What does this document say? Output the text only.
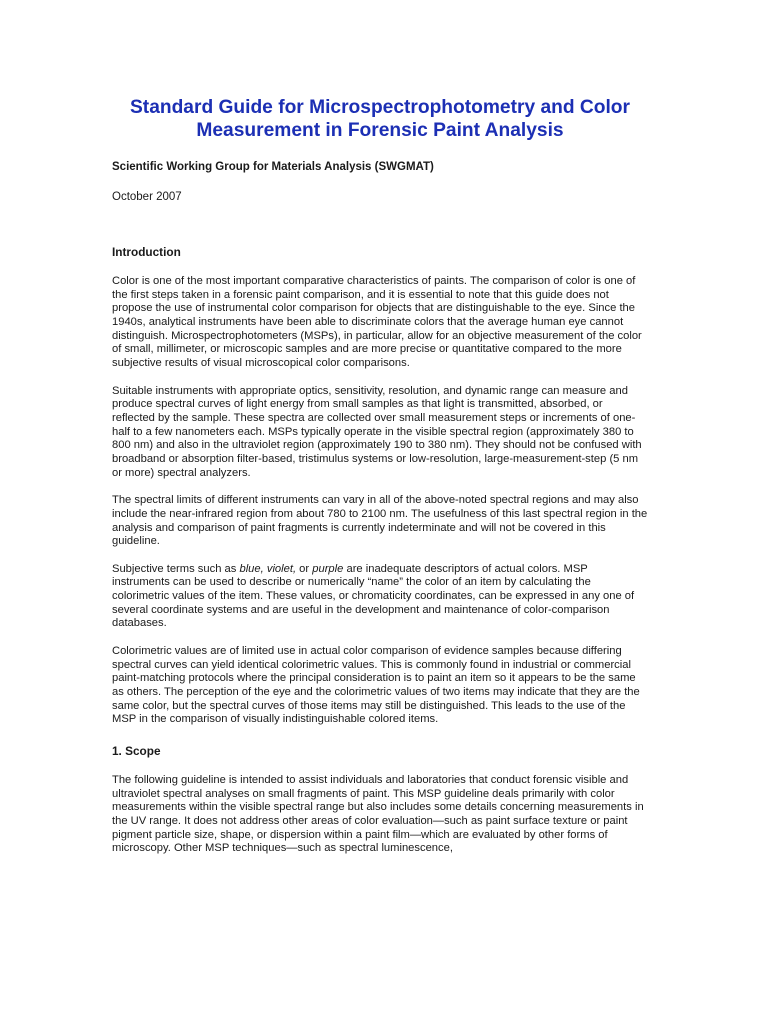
Standard Guide for Microspectrophotometry and Color
Measurement in Forensic Paint Analysis

Scientific Working Group for Materials Analysis (SWGMAT)

October 2007

Introduction

Color is one of the most important comparative characteristics of paints. The comparison of color is one of the first steps taken in a forensic paint comparison, and it is essential to note that this guide does not propose the use of instrumental color comparison for objects that are distinguishable to the eye. Since the 1940s, analytical instruments have been able to discriminate colors that the average human eye cannot distinguish. Microspectrophotometers (MSPs), in particular, allow for an objective measurement of the color of small, millimeter, or microscopic samples and are more precise or quantitative compared to the more subjective results of visual microscopical color comparisons.

Suitable instruments with appropriate optics, sensitivity, resolution, and dynamic range can measure and produce spectral curves of light energy from small samples as that light is transmitted, absorbed, or reflected by the sample. These spectra are collected over small measurement steps or increments of one-half to a few nanometers each. MSPs typically operate in the visible spectral region (approximately 380 to 800 nm) and also in the ultraviolet region (approximately 190 to 380 nm). They should not be confused with broadband or absorption filter-based, tristimulus systems or low-resolution, large-measurement-step (5 nm or more) spectral analyzers.

The spectral limits of different instruments can vary in all of the above-noted spectral regions and may also include the near-infrared region from about 780 to 2100 nm. The usefulness of this last spectral region in the analysis and comparison of paint fragments is currently indeterminate and will not be covered in this guideline.

Subjective terms such as blue, violet, or purple are inadequate descriptors of actual colors. MSP instruments can be used to describe or numerically “name” the color of an item by calculating the colorimetric values of the item. These values, or chromaticity coordinates, can be expressed in any one of several coordinate systems and are useful in the development and maintenance of color-comparison databases.

Colorimetric values are of limited use in actual color comparison of evidence samples because differing spectral curves can yield identical colorimetric values. This is commonly found in industrial or commercial paint-matching protocols where the principal consideration is to paint an item so it appears to be the same as others. The perception of the eye and the colorimetric values of two items may indicate that they are the same color, but the spectral curves of those items may still be distinguished. This leads to the use of the MSP in the comparison of visually indistinguishable colored items.

1. Scope

The following guideline is intended to assist individuals and laboratories that conduct forensic visible and ultraviolet spectral analyses on small fragments of paint. This MSP guideline deals primarily with color measurements within the visible spectral range but also includes some details concerning measurements in the UV range. It does not address other areas of color evaluation—such as paint surface texture or paint pigment particle size, shape, or dispersion within a paint film—which are evaluated by other forms of microscopy. Other MSP techniques—such as spectral luminescence,
